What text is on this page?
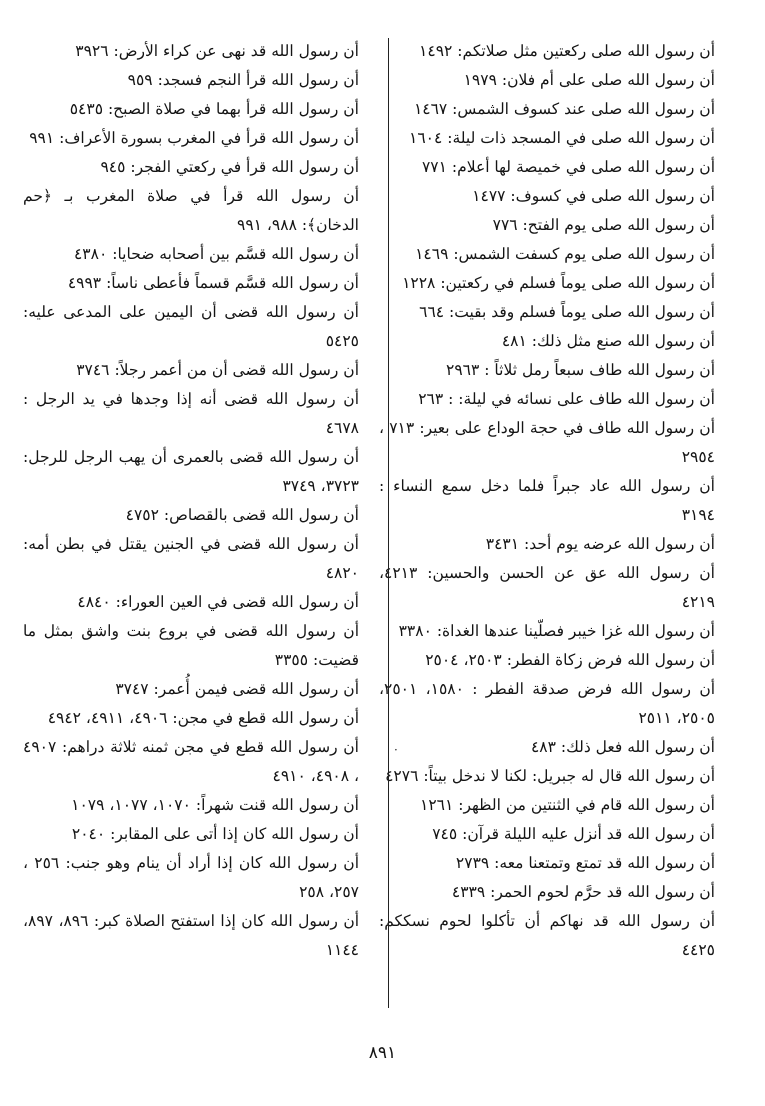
أن رسول الله صلى ركعتين مثل صلاتكم: ١٤٩٢
أن رسول الله صلى على أم فلان: ١٩٧٩
أن رسول الله صلى عند كسوف الشمس: ١٤٦٧
أن رسول الله صلى في المسجد ذات ليلة: ١٦٠٤
أن رسول الله صلى في خميصة لها أعلام: ٧٧١
أن رسول الله صلى في كسوف: ١٤٧٧
أن رسول الله صلى يوم الفتح: ٧٧٦
أن رسول الله صلى يوم كسفت الشمس: ١٤٦٩
أن رسول الله صلى يوماً فسلم في ركعتين: ١٢٢٨
أن رسول الله صلى يوماً فسلم وقد بقيت: ٦٦٤
أن رسول الله صنع مثل ذلك: ٤٨١
أن رسول الله طاف سبعاً رمل ثلاثاً : ٢٩٦٣
أن رسول الله طاف على نسائه في ليلة: : ٢٦٣
أن رسول الله طاف في حجة الوداع على بعير: ٧١٣ ، ٢٩٥٤
أن رسول الله عاد جبراً فلما دخل سمع النساء : ٣١٩٤
أن رسول الله عرضه يوم أحد: ٣٤٣١
أن رسول الله عق عن الحسن والحسين: ٤٢١٣، ٤٢١٩
أن رسول الله غزا خيبر فصلّينا عندها الغداة: ٣٣٨٠
أن رسول الله فرض زكاة الفطر: ٢٥٠٣، ٢٥٠٤
أن رسول الله فرض صدقة الفطر : ١٥٨٠، ٢٥٠١، ٢٥٠٥، ٢٥١١
أن رسول الله فعل ذلك: ٤٨٣
أن رسول الله قال له جبريل: لكنا لا ندخل بيتاً: ٤٢٧٦
أن رسول الله قام في الثنتين من الظهر: ١٢٦١
أن رسول الله قد أنزل عليه الليلة قرآن: ٧٤٥
أن رسول الله قد تمتع وتمتعنا معه: ٢٧٣٩
أن رسول الله قد حرَّم لحوم الحمر: ٤٣٣٩
أن رسول الله قد نهاكم أن تأكلوا لحوم نسككم: ٤٤٢٥
أن رسول الله قد نهى عن كراء الأرض: ٣٩٢٦
أن رسول الله قرأ النجم فسجد: ٩٥٩
أن رسول الله قرأ بهما في صلاة الصبح: ٥٤٣٥
أن رسول الله قرأ في المغرب بسورة الأعراف: ٩٩١
أن رسول الله قرأ في ركعتي الفجر: ٩٤٥
أن رسول الله قرأ في صلاة المغرب بـ ﴿حم الدخان﴾: ٩٨٨، ٩٩١
أن رسول الله قسَّم بين أصحابه ضحايا: ٤٣٨٠
أن رسول الله قسَّم قسماً فأعطى ناساً: ٤٩٩٣
أن رسول الله قضى أن اليمين على المدعى عليه: ٥٤٢٥
أن رسول الله قضى أن من أعمر رجلاً: ٣٧٤٦
أن رسول الله قضى أنه إذا وجدها في يد الرجل : ٤٦٧٨
أن رسول الله قضى بالعمرى أن يهب الرجل للرجل: ٣٧٢٣، ٣٧٤٩
أن رسول الله قضى بالقصاص: ٤٧٥٢
أن رسول الله قضى في الجنين يقتل في بطن أمه: ٤٨٢٠
أن رسول الله قضى في العين العوراء: ٤٨٤٠
أن رسول الله قضى في بروع بنت واشق بمثل ما قضيت: ٣٣٥٥
أن رسول الله قضى فيمن أُعمر: ٣٧٤٧
أن رسول الله قطع في مجن: ٤٩٠٦، ٤٩١١، ٤٩٤٢
أن رسول الله قطع في مجن ثمنه ثلاثة دراهم: ٤٩٠٧ ، ٤٩٠٨، ٤٩١٠
أن رسول الله قنت شهراً: ١٠٧٠، ١٠٧٧، ١٠٧٩
أن رسول الله كان إذا أتى على المقابر: ٢٠٤٠
أن رسول الله كان إذا أراد أن ينام وهو جنب: ٢٥٦ ، ٢٥٧، ٢٥٨
أن رسول الله كان إذا استفتح الصلاة كبر: ٨٩٦، ٨٩٧، ١١٤٤
·
٨٩١
